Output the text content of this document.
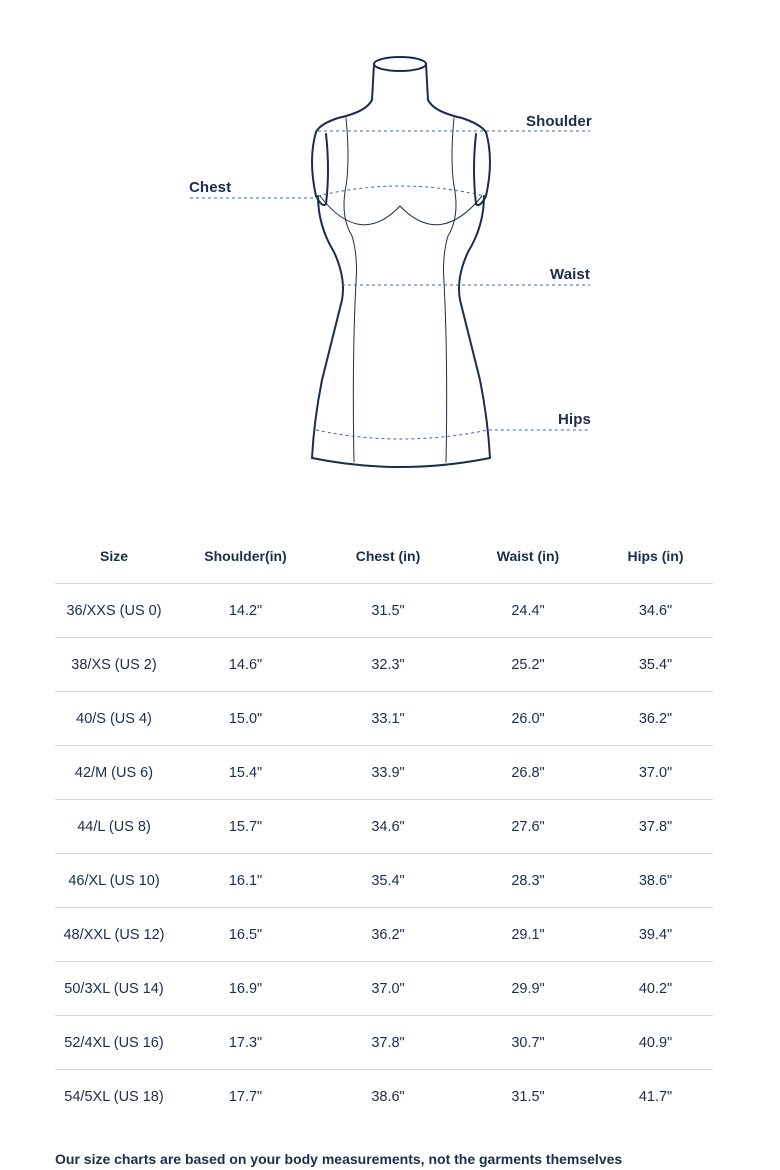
Shoulder
Chest
Waist
Hips
Size	Shoulder(in)	Chest (in)	Waist (in)	Hips (in)
36/XXS (US 0)	14.2"	31.5"	24.4"	34.6"
38/XS (US 2)	14.6"	32.3"	25.2"	35.4"
40/S (US 4)	15.0"	33.1"	26.0"	36.2"
42/M (US 6)	15.4"	33.9"	26.8"	37.0"
44/L (US 8)	15.7"	34.6"	27.6"	37.8"
46/XL (US 10)	16.1"	35.4"	28.3"	38.6"
48/XXL (US 12)	16.5"	36.2"	29.1"	39.4"
50/3XL (US 14)	16.9"	37.0"	29.9"	40.2"
52/4XL (US 16)	17.3"	37.8"	30.7"	40.9"
54/5XL (US 18)	17.7"	38.6"	31.5"	41.7"
Our size charts are based on your body measurements, not the garments themselves
